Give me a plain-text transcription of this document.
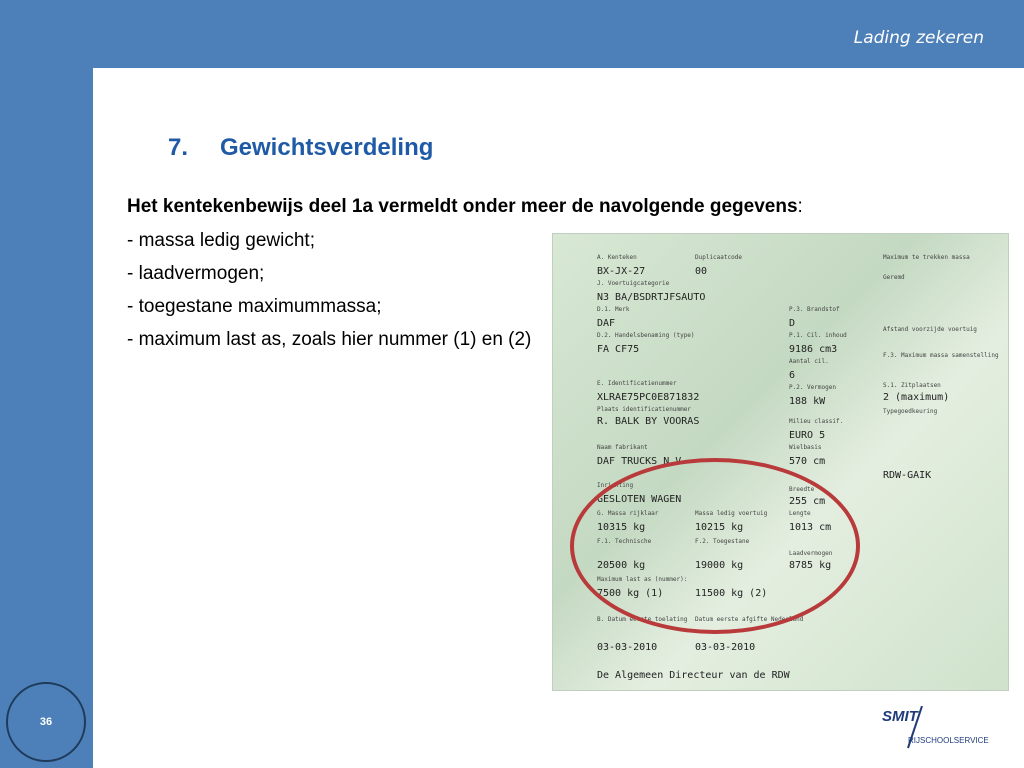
Lading zekeren
36
7. Gewichtsverdeling
Het kentekenbewijs deel 1a vermeldt onder meer de navolgende gegevens:
- massa ledig gewicht;
- laadvermogen;
- toegestane maximummassa;
- maximum last as, zoals hier nummer (1) en (2)
A. Kenteken
BX-JX-27
Duplicaatcode
00
J. Voertuigcategorie
N3 BA/BSDRTJFSAUTO
D.1. Merk
DAF
D.2. Handelsbenaming (type)
FA CF75
P.3. Brandstof
D
P.1. Cil. inhoud
9186 cm3
Aantal cil.
6
E. Identificatienummer
XLRAE75PC0E871832
P.2. Vermogen
188 kW
Plaats identificatienummer
R. BALK BY VOORAS	Milieu classif.
EURO 5
Naam fabrikant
DAF TRUCKS N.V.
Wielbasis
570 cm
Inrichting
GESLOTEN WAGEN
Breedte
255 cm
G. Massa rijklaar
10315 kg
Massa ledig voertuig
10215 kg
Lengte
1013 cm
F.1. Technische
20500 kg
F.2. Toegestane
19000 kg
Laadvermogen
8785 kg
Maximum last as (nummer):
7500 kg (1)	11500 kg (2)
B. Datum eerste toelating
03-03-2010
Datum eerste afgifte Nederland
03-03-2010
De Algemeen Directeur van de RDW
Maximum te trekken massa
Geremd
Afstand voorzijde voertuig
F.3. Maximum massa samenstelling
S.1. Zitplaatsen
2 (maximum)
Typegoedkeuring
RDW-GAIK
SMIT
RIJSCHOOLSERVICE
